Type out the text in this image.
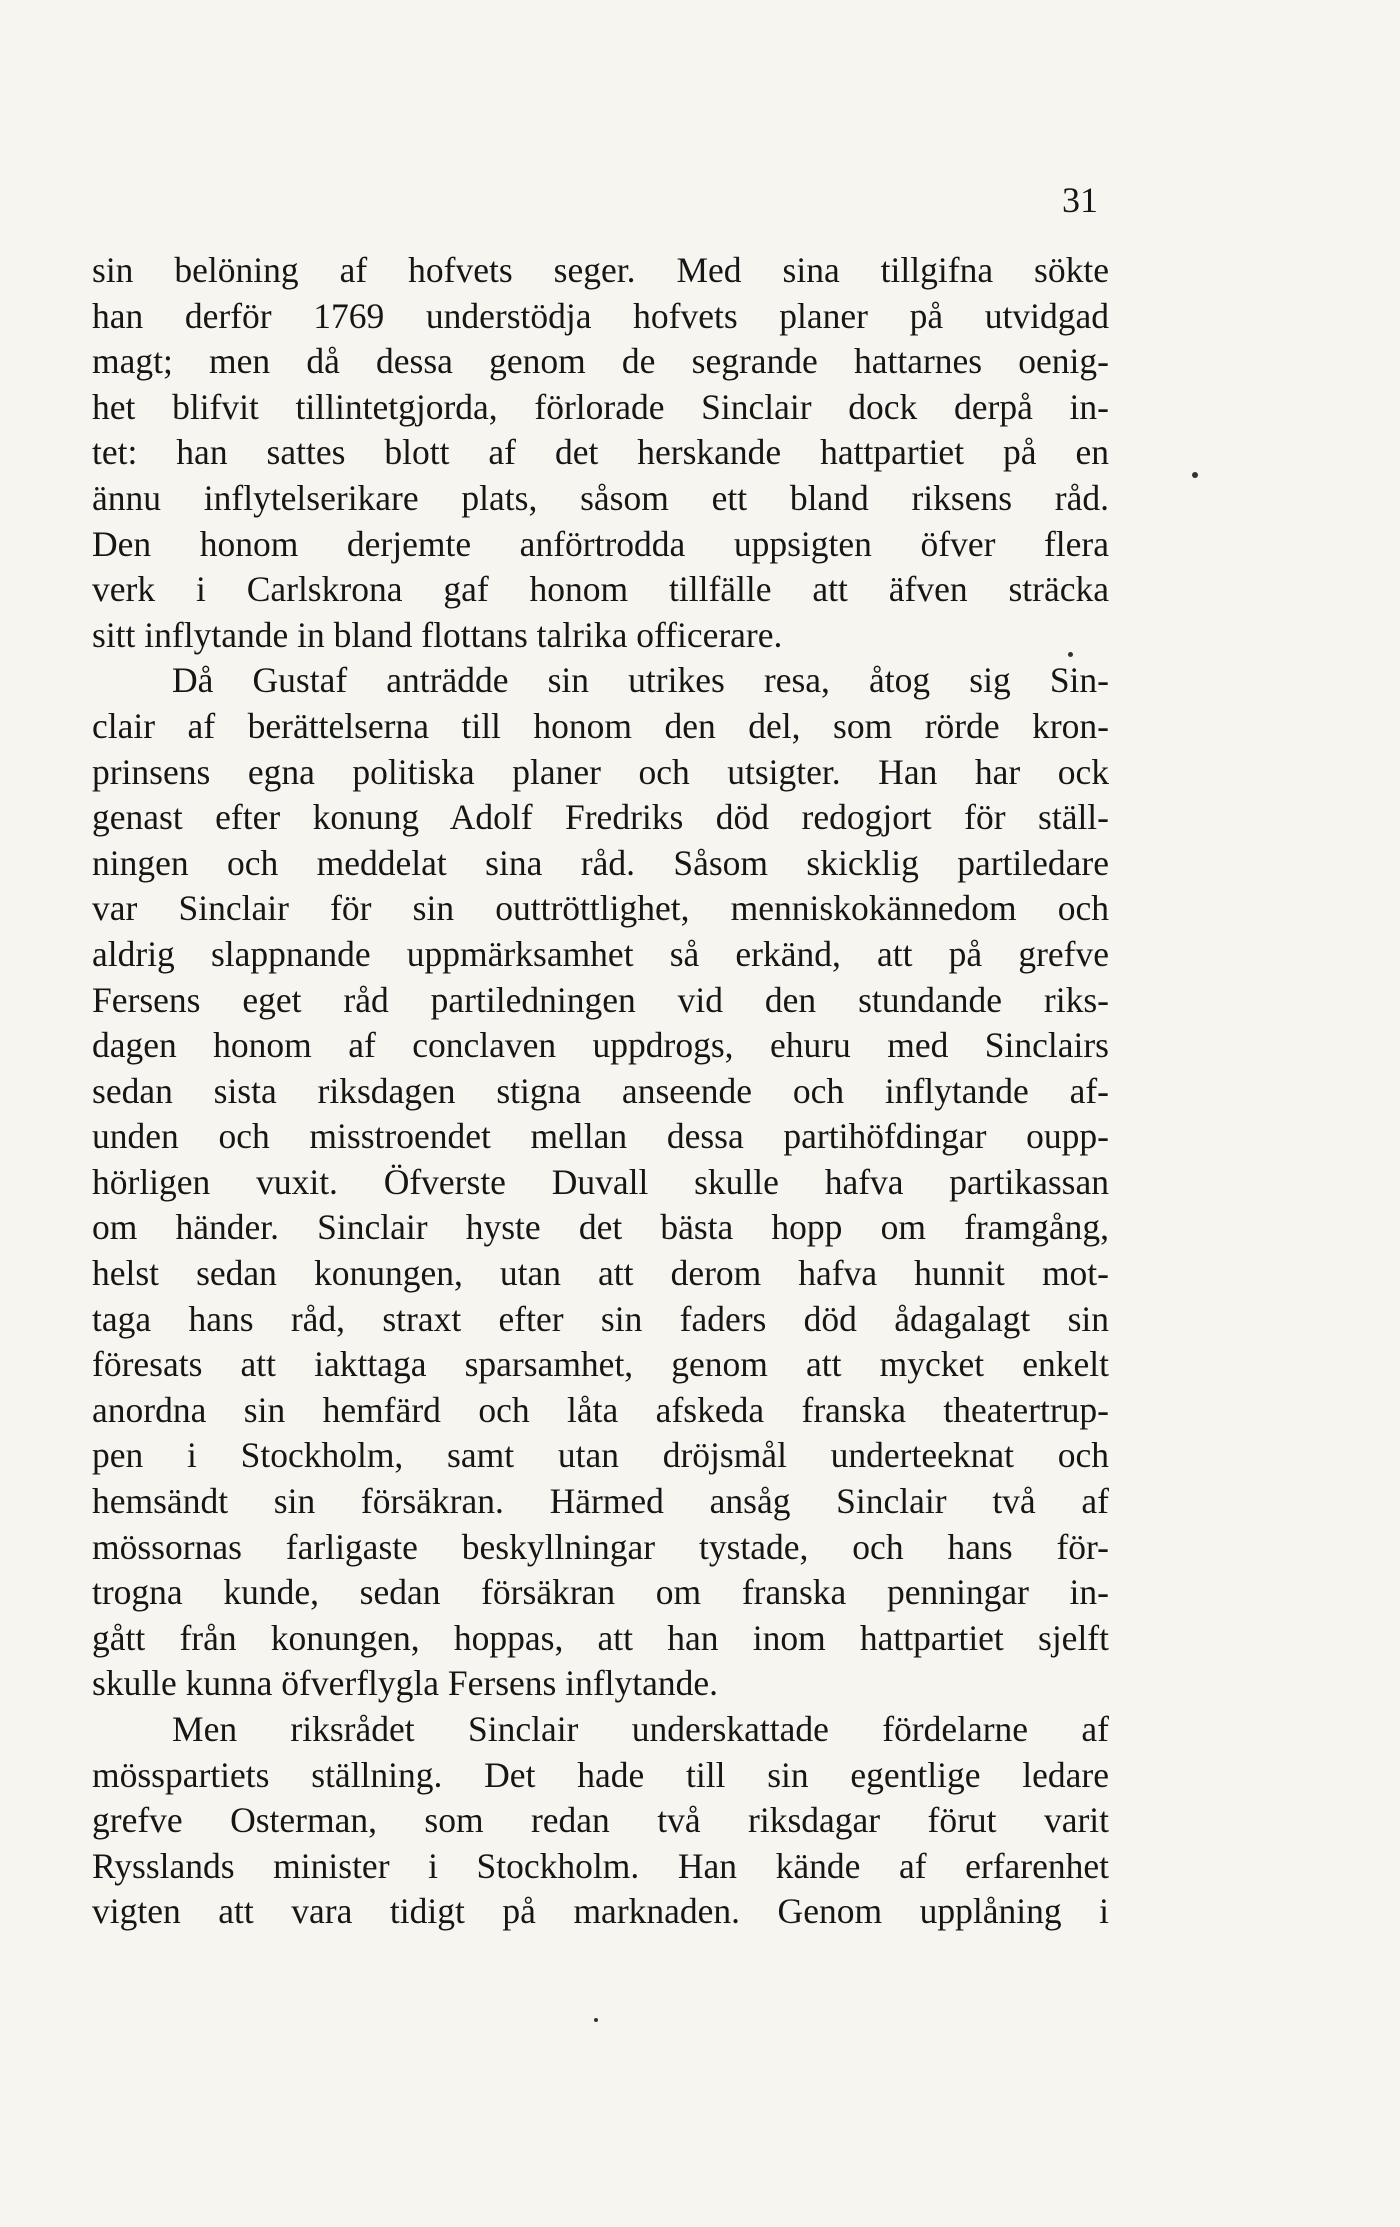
31
sin belöning af hofvets seger. Med sina tillgifna sökte
han derför 1769 understödja hofvets planer på utvidgad
magt; men då dessa genom de segrande hattarnes oenig-
het blifvit tillintetgjorda, förlorade Sinclair dock derpå in-
tet: han sattes blott af det herskande hattpartiet på en
ännu inflytelserikare plats, såsom ett bland riksens råd.
Den honom derjemte anförtrodda uppsigten öfver flera
verk i Carlskrona gaf honom tillfälle att äfven sträcka
sitt inflytande in bland flottans talrika officerare.
Då Gustaf anträdde sin utrikes resa, åtog sig Sin-
clair af berättelserna till honom den del, som rörde kron-
prinsens egna politiska planer och utsigter. Han har ock
genast efter konung Adolf Fredriks död redogjort för ställ-
ningen och meddelat sina råd. Såsom skicklig partiledare
var Sinclair för sin outtröttlighet, menniskokännedom och
aldrig slappnande uppmärksamhet så erkänd, att på grefve
Fersens eget råd partiledningen vid den stundande riks-
dagen honom af conclaven uppdrogs, ehuru med Sinclairs
sedan sista riksdagen stigna anseende och inflytande af-
unden och misstroendet mellan dessa partihöfdingar oupp-
hörligen vuxit. Öfverste Duvall skulle hafva partikassan
om händer. Sinclair hyste det bästa hopp om framgång,
helst sedan konungen, utan att derom hafva hunnit mot-
taga hans råd, straxt efter sin faders död ådagalagt sin
föresats att iakttaga sparsamhet, genom att mycket enkelt
anordna sin hemfärd och låta afskeda franska theatertrup-
pen i Stockholm, samt utan dröjsmål underteeknat och
hemsändt sin försäkran. Härmed ansåg Sinclair två af
mössornas farligaste beskyllningar tystade, och hans för-
trogna kunde, sedan försäkran om franska penningar in-
gått från konungen, hoppas, att han inom hattpartiet sjelft
skulle kunna öfverflygla Fersens inflytande.
Men riksrådet Sinclair underskattade fördelarne af
mösspartiets ställning. Det hade till sin egentlige ledare
grefve Osterman, som redan två riksdagar förut varit
Rysslands minister i Stockholm. Han kände af erfarenhet
vigten att vara tidigt på marknaden. Genom upplåning i
